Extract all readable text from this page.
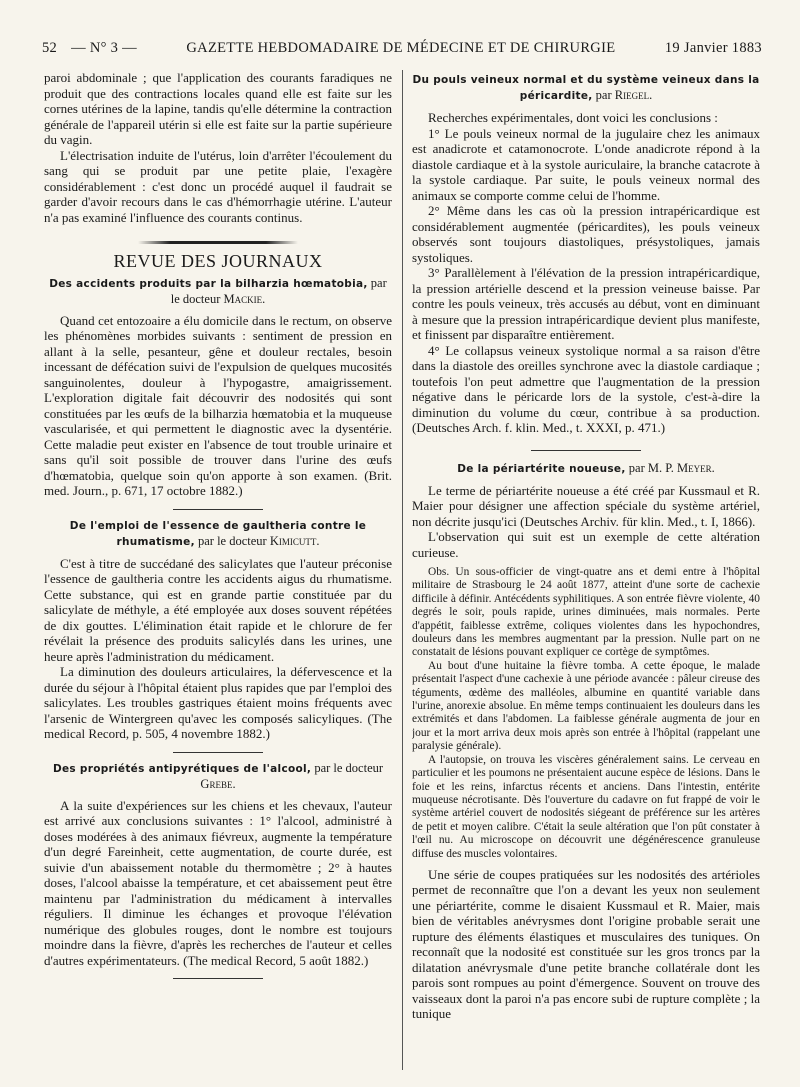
52 — N° 3 —	GAZETTE HEBDOMADAIRE DE MÉDECINE ET DE CHIRURGIE	19 Janvier 1883

paroi abdominale ; que l'application des courants faradiques ne produit que des contractions locales quand elle est faite sur les cornes utérines de la lapine, tandis qu'elle détermine la contraction générale de l'appareil utérin si elle est faite sur la partie supérieure du vagin.

L'électrisation induite de l'utérus, loin d'arrêter l'écoulement du sang qui se produit par une petite plaie, l'exagère considérablement : c'est donc un procédé auquel il faudrait se garder d'avoir recours dans le cas d'hémorrhagie utérine. L'auteur n'a pas examiné l'influence des courants continus.

REVUE DES JOURNAUX
Des accidents produits par la bilharzia hœmatobia, par le docteur Mackie.

Quand cet entozoaire a élu domicile dans le rectum, on observe les phénomènes morbides suivants : sentiment de pression en allant à la selle, pesanteur, gêne et douleur rectales, besoin incessant de défécation suivi de l'expulsion de quelques mucosités sanguinolentes, douleur à l'hypogastre, amaigrissement. L'exploration digitale fait découvrir des nodosités qui sont constituées par les œufs de la bilharzia hœmatobia et la muqueuse vascularisée, et qui permettent le diagnostic avec la dysentérie. Cette maladie peut exister en l'absence de tout trouble urinaire et sans qu'il soit possible de trouver dans l'urine des œufs d'hœmatobia, quelque soin qu'on apporte à son examen. (Brit. med. Journ., p. 671, 17 octobre 1882.)

De l'emploi de l'essence de gaultheria contre le rhumatisme, par le docteur Kimicutt.

C'est à titre de succédané des salicylates que l'auteur préconise l'essence de gaultheria contre les accidents aigus du rhumatisme. Cette substance, qui est en grande partie constituée par du salicylate de méthyle, a été employée aux doses souvent répétées de dix gouttes. L'élimination était rapide et le chlorure de fer révélait la présence des produits salicylés dans les urines, une heure après l'administration du médicament.

La diminution des douleurs articulaires, la défervescence et la durée du séjour à l'hôpital étaient plus rapides que par l'emploi des salicylates. Les troubles gastriques étaient moins fréquents avec l'arsenic de Wintergreen qu'avec les composés salicyliques. (The medical Record, p. 505, 4 novembre 1882.)

Des propriétés antipyrétiques de l'alcool, par le docteur Grebe.

A la suite d'expériences sur les chiens et les chevaux, l'auteur est arrivé aux conclusions suivantes : 1° l'alcool, administré à doses modérées à des animaux fiévreux, augmente la température d'un degré Fareinheit, cette augmentation, de courte durée, est suivie d'un abaissement notable du thermomètre ; 2° à hautes doses, l'alcool abaisse la température, et cet abaissement peut être maintenu par l'administration du médicament à intervalles réguliers. Il diminue les échanges et provoque l'élévation numérique des globules rouges, dont le nombre est toujours moindre dans la fièvre, d'après les recherches de l'auteur et celles d'autres expérimentateurs. (The medical Record, 5 août 1882.)

Du pouls veineux normal et du système veineux dans la péricardite, par Riegel.

Recherches expérimentales, dont voici les conclusions :

1° Le pouls veineux normal de la jugulaire chez les animaux est anadicrote et catamonocrote. L'onde anadicrote répond à la diastole cardiaque et à la systole auriculaire, la branche catacrote à la systole cardiaque. Par suite, le pouls veineux normal des animaux se comporte comme celui de l'homme.

2° Même dans les cas où la pression intrapéricardique est considérablement augmentée (péricardites), les pouls veineux observés sont toujours diastoliques, présystoliques, jamais systoliques.

3° Parallèlement à l'élévation de la pression intrapéricardique, la pression artérielle descend et la pression veineuse baisse. Par contre les pouls veineux, très accusés au début, vont en diminuant à mesure que la pression intrapéricardique devient plus manifeste, et finissent par disparaître entièrement.

4° Le collapsus veineux systolique normal a sa raison d'être dans la diastole des oreilles synchrone avec la diastole cardiaque ; toutefois l'on peut admettre que l'augmentation de la pression négative dans le péricarde lors de la systole, c'est-à-dire la diminution du volume du cœur, contribue à sa production. (Deutsches Arch. f. klin. Med., t. XXXI, p. 471.)

De la périartérite noueuse, par M. P. Meyer.

Le terme de périartérite noueuse a été créé par Kussmaul et R. Maier pour désigner une affection spéciale du système artériel, non décrite jusqu'ici (Deutsches Archiv. für klin. Med., t. I, 1866).

L'observation qui suit est un exemple de cette altération curieuse.

Obs. Un sous-officier de vingt-quatre ans et demi entre à l'hôpital militaire de Strasbourg le 24 août 1877, atteint d'une sorte de cachexie difficile à définir. Antécédents syphilitiques. A son entrée fièvre violente, 40 degrés le soir, pouls rapide, urines diminuées, mais normales. Perte d'appétit, faiblesse extrême, coliques violentes dans les hypochondres, douleurs dans les membres augmentant par la pression. Nulle part on ne constatait de lésions pouvant expliquer ce cortège de symptômes.

Au bout d'une huitaine la fièvre tomba. A cette époque, le malade présentait l'aspect d'une cachexie à une période avancée : pâleur cireuse des téguments, œdème des malléoles, albumine en quantité variable dans l'urine, anorexie absolue. En même temps continuaient les douleurs dans les extrémités et dans l'abdomen. La faiblesse générale augmenta de jour en jour et la mort arriva deux mois après son entrée à l'hôpital (rappelant une paralysie générale).

A l'autopsie, on trouva les viscères généralement sains. Le cerveau en particulier et les poumons ne présentaient aucune espèce de lésions. Dans le foie et les reins, infarctus récents et anciens. Dans l'intestin, entérite muqueuse nécrotisante. Dès l'ouverture du cadavre on fut frappé de voir le système artériel couvert de nodosités siégeant de préférence sur les artères de petit et moyen calibre. C'était la seule altération que l'on pût constater à l'œil nu. Au microscope on découvrit une dégénérescence granuleuse diffuse des muscles volontaires.

Une série de coupes pratiquées sur les nodosités des artérioles permet de reconnaître que l'on a devant les yeux non seulement une périartérite, comme le disaient Kussmaul et R. Maier, mais bien de véritables anévrysmes dont l'origine probable serait une rupture des éléments élastiques et musculaires des tuniques. On reconnaît que la nodosité est constituée sur les gros troncs par la dilatation anévrysmale d'une petite branche collatérale dont les parois sont rompues au point d'émergence. Souvent on trouve des vaisseaux dont la paroi n'a pas encore subi de rupture complète ; la tunique
